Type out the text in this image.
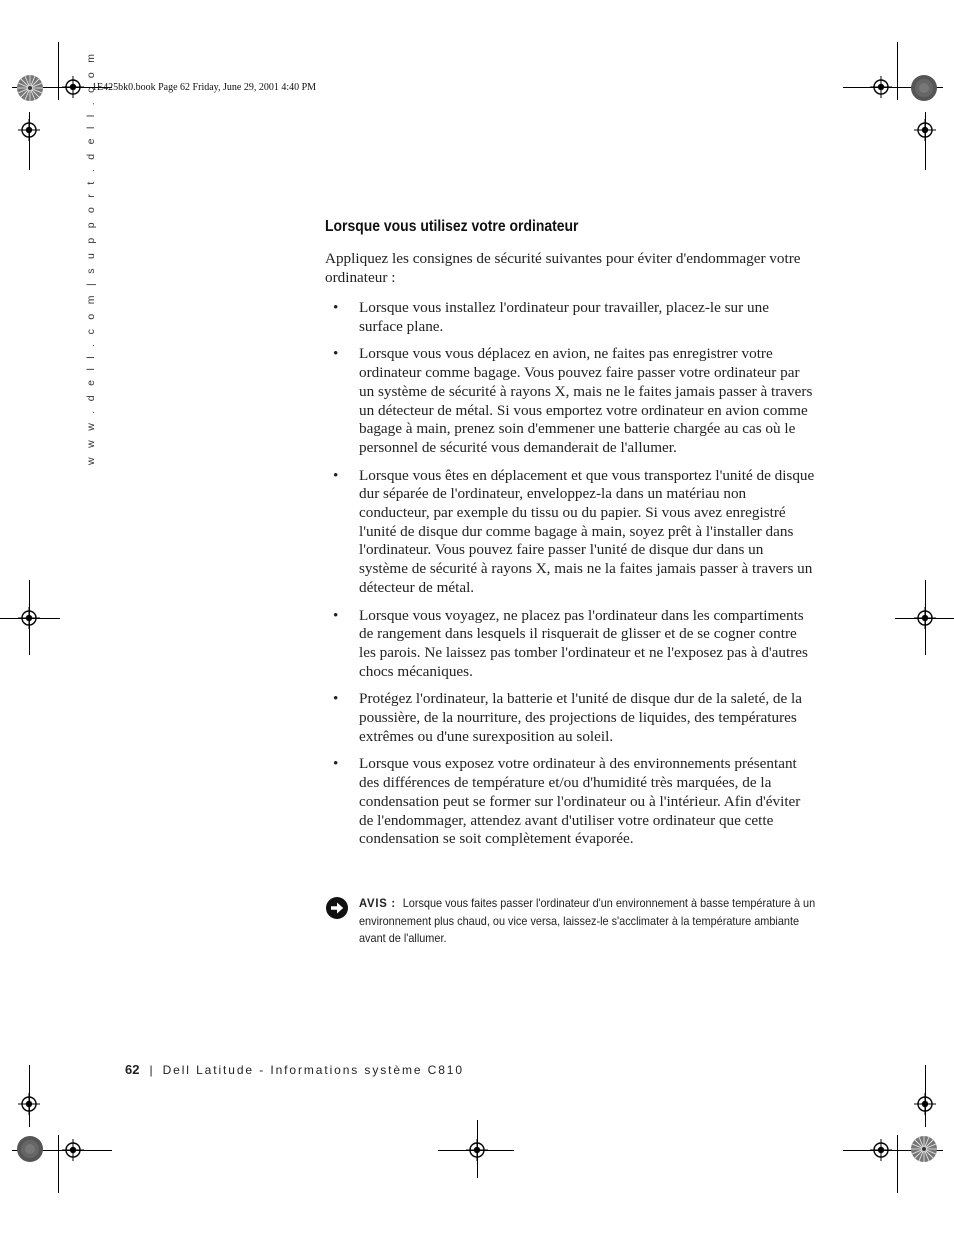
1E425bk0.book Page 62 Friday, June 29, 2001 4:40 PM
w w w . d e l l . c o m | s u p p o r t . d e l l . c o m	Lorsque vous utilisez votre ordinateur
Appliquez les consignes de sécurité suivantes pour éviter d'endommager votre ordinateur :
• Lorsque vous installez l'ordinateur pour travailler, placez-le sur une surface plane.
• Lorsque vous vous déplacez en avion, ne faites pas enregistrer votre ordinateur comme bagage. Vous pouvez faire passer votre ordinateur par un système de sécurité à rayons X, mais ne le faites jamais passer à travers un détecteur de métal. Si vous emportez votre ordinateur en avion comme bagage à main, prenez soin d'emmener une batterie chargée au cas où le personnel de sécurité vous demanderait de l'allumer.
• Lorsque vous êtes en déplacement et que vous transportez l'unité de disque dur séparée de l'ordinateur, enveloppez-la dans un matériau non conducteur, par exemple du tissu ou du papier. Si vous avez enregistré l'unité de disque dur comme bagage à main, soyez prêt à l'installer dans l'ordinateur. Vous pouvez faire passer l'unité de disque dur dans un système de sécurité à rayons X, mais ne la faites jamais passer à travers un détecteur de métal.
• Lorsque vous voyagez, ne placez pas l'ordinateur dans les compartiments de rangement dans lesquels il risquerait de glisser et de se cogner contre les parois. Ne laissez pas tomber l'ordinateur et ne l'exposez pas à d'autres chocs mécaniques.
• Protégez l'ordinateur, la batterie et l'unité de disque dur de la saleté, de la poussière, de la nourriture, des projections de liquides, des températures extrêmes ou d'une surexposition au soleil.
• Lorsque vous exposez votre ordinateur à des environnements présentant des différences de température et/ou d'humidité très marquées, de la condensation peut se former sur l'ordinateur ou à l'intérieur. Afin d'éviter de l'endommager, attendez avant d'utiliser votre ordinateur que cette condensation se soit complètement évaporée.
AVIS : Lorsque vous faites passer l'ordinateur d'un environnement à basse température à un environnement plus chaud, ou vice versa, laissez-le s'acclimater à la température ambiante avant de l'allumer.
62 | Dell Latitude - Informations système C810
